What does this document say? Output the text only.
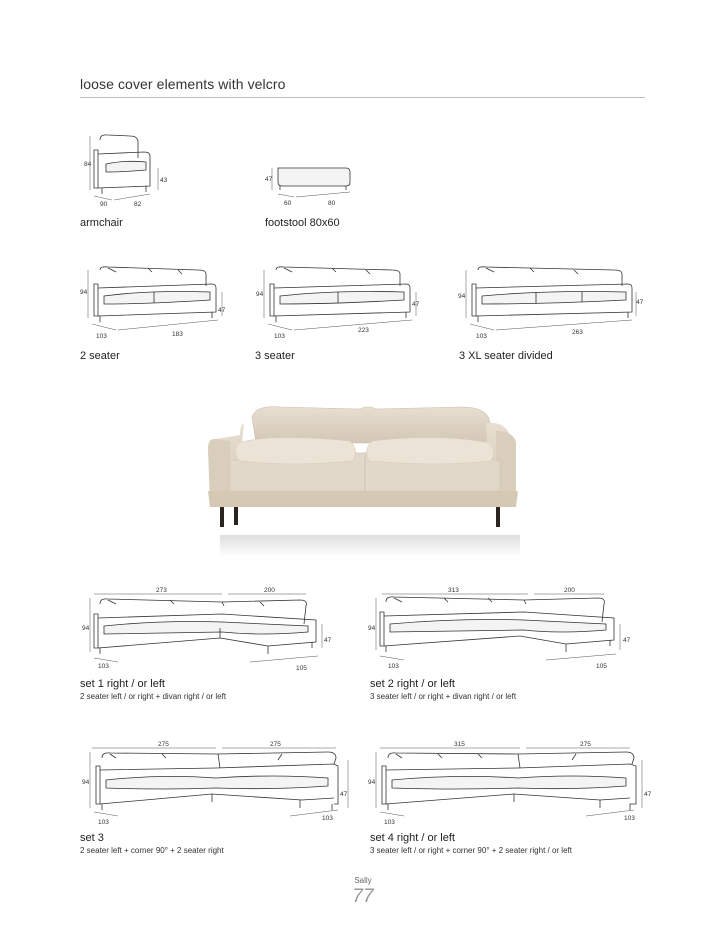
loose cover elements with velcro
84
43
90	82
armchair
47
60	80
footstool 80x60
94
47
103	183
2 seater
94
47
103
223
3 seater
94
47
103
263
3 XL seater divided
273	200
94
47
103	105
set 1 right / or left
2 seater left / or right + divan right / or left
313	200
94
47
103	105
set 2 right / or left
3 seater left / or right + divan right / or left
275	275
94
47
103
103
set 3
2 seater left + corner 90° + 2 seater right
315	275
94
47
103
103
set 4 right / or left
3 seater left / or right + corner 90° + 2 seater right / or left
Sally
77
